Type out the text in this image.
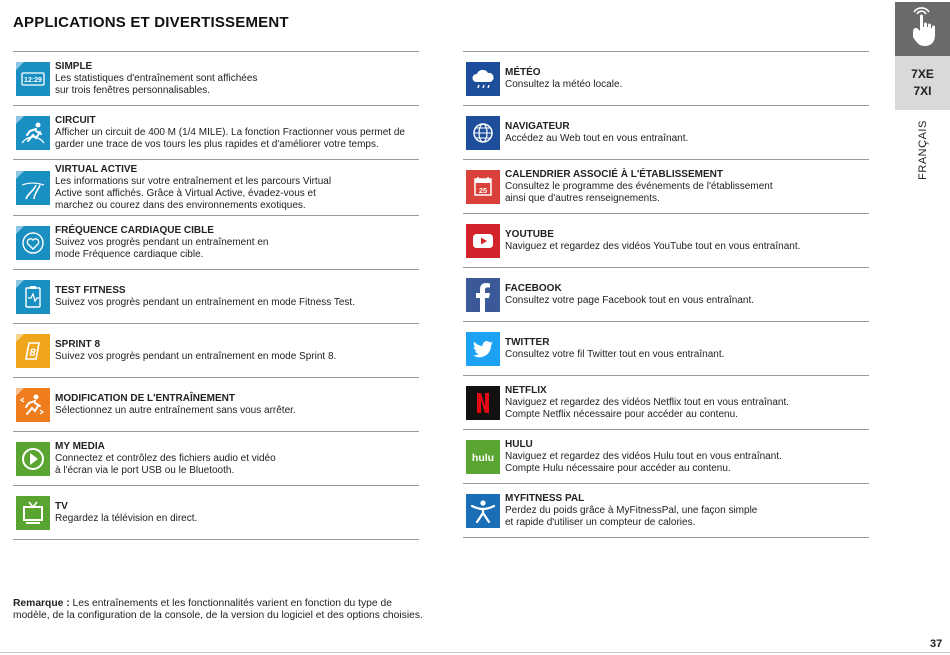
APPLICATIONS ET DIVERTISSEMENT
12:29
SIMPLE
Les statistiques d'entraînement sont affichées
sur trois fenêtres personnalisables.
CIRCUIT
Afficher un circuit de 400 M (1/4 MILE). La fonction Fractionner vous permet de
garder une trace de vos tours les plus rapides et d'améliorer votre temps.
VIRTUAL ACTIVE
Les informations sur votre entraînement et les parcours Virtual
Active sont affichés. Grâce à Virtual Active, évadez-vous et
marchez ou courez dans des environnements exotiques.
FRÉQUENCE CARDIAQUE CIBLE
Suivez vos progrès pendant un entraînement en
mode Fréquence cardiaque cible.
TEST FITNESS
Suivez vos progrès pendant un entraînement en mode Fitness Test.
8
SPRINT 8
Suivez vos progrès pendant un entraînement en mode Sprint 8.
MODIFICATION DE L'ENTRAÎNEMENT
Sélectionnez un autre entraînement sans vous arrêter.
MY MEDIA
Connectez et contrôlez des fichiers audio et vidéo
à l'écran via le port USB ou le Bluetooth.
TV
Regardez la télévision en direct.
MÉTÉO
Consultez la météo locale.
NAVIGATEUR
Accédez au Web tout en vous entraînant.
25
CALENDRIER ASSOCIÉ À L'ÉTABLISSEMENT
Consultez le programme des événements de l'établissement
ainsi que d'autres renseignements.
YOUTUBE
Naviguez et regardez des vidéos YouTube tout en vous entraînant.
FACEBOOK
Consultez votre page Facebook tout en vous entraînant.
TWITTER
Consultez votre fil Twitter tout en vous entraînant.
NETFLIX
Naviguez et regardez des vidéos Netflix tout en vous entraînant.
Compte Netflix nécessaire pour accéder au contenu.
hulu
HULU
Naviguez et regardez des vidéos Hulu tout en vous entraînant.
Compte Hulu nécessaire pour accéder au contenu.
MYFITNESS PAL
Perdez du poids grâce à MyFitnessPal, une façon simple
et rapide d'utiliser un compteur de calories.
Remarque : Les entraînements et les fonctionnalités varient en fonction du type de modèle, de la configuration de la console, de la version du logiciel et des options choisies.
7XE
7XI
FRANÇAIS
37
